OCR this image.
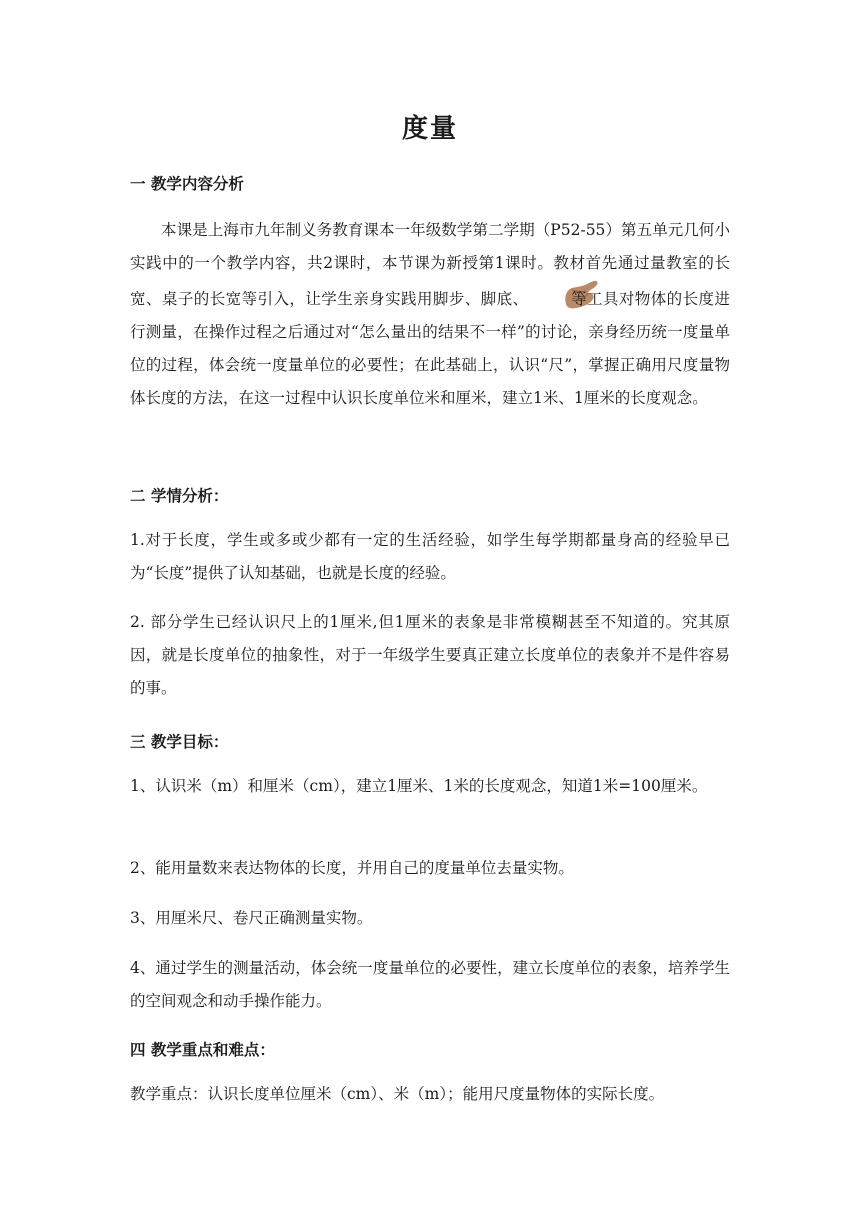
度量
一 教学内容分析
本课是上海市九年制义务教育课本一年级数学第二学期（P52-55）第五单元几何小实践中的一个教学内容，共2课时，本节课为新授第1课时。教材首先通过量教室的长宽、桌子的长宽等引入，让学生亲身实践用脚步、脚底、	等工具对物体的长度进行测量，在操作过程之后通过对“怎么量出的结果不一样”的讨论，亲身经历统一度量单位的过程，体会统一度量单位的必要性；在此基础上，认识“尺”，掌握正确用尺度量物体长度的方法，在这一过程中认识长度单位米和厘米，建立1米、1厘米的长度观念。
二 学情分析：
1.对于长度，学生或多或少都有一定的生活经验，如学生每学期都量身高的经验早已为“长度”提供了认知基础，也就是长度的经验。
2. 部分学生已经认识尺上的1厘米,但1厘米的表象是非常模糊甚至不知道的。究其原因，就是长度单位的抽象性，对于一年级学生要真正建立长度单位的表象并不是件容易的事。
三 教学目标：
1、认识米（m）和厘米（cm），建立1厘米、1米的长度观念，知道1米=100厘米。
2、能用量数来表达物体的长度，并用自己的度量单位去量实物。
3、用厘米尺、卷尺正确测量实物。
4、通过学生的测量活动，体会统一度量单位的必要性，建立长度单位的表象，培养学生的空间观念和动手操作能力。
四 教学重点和难点：
教学重点：认识长度单位厘米（cm）、米（m）；能用尺度量物体的实际长度。
